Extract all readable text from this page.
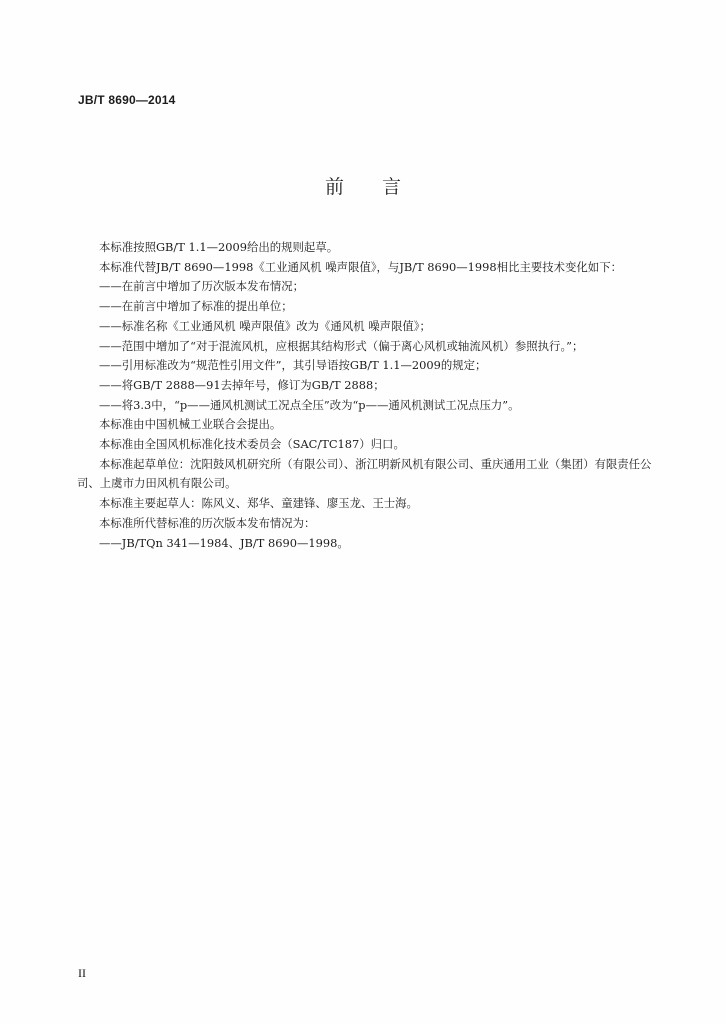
JB/T 8690—2014
前言

本标准按照GB/T 1.1—2009给出的规则起草。

本标准代替JB/T 8690—1998《工业通风机 噪声限值》，与JB/T 8690—1998相比主要技术变化如下：

——在前言中增加了历次版本发布情况；

——在前言中增加了标准的提出单位；

——标准名称《工业通风机 噪声限值》改为《通风机 噪声限值》；

——范围中增加了“对于混流风机，应根据其结构形式（偏于离心风机或轴流风机）参照执行。”；

——引用标准改为“规范性引用文件”，其引导语按GB/T 1.1—2009的规定；

——将GB/T 2888—91去掉年号，修订为GB/T 2888；

——将3.3中，“p——通风机测试工况点全压”改为“p——通风机测试工况点压力”。

本标准由中国机械工业联合会提出。

本标准由全国风机标准化技术委员会（SAC/TC187）归口。

本标准起草单位：沈阳鼓风机研究所（有限公司）、浙江明新风机有限公司、重庆通用工业（集团）有限责任公司、上虞市力田风机有限公司。

本标准主要起草人：陈风义、郑华、童建锋、廖玉龙、王士海。

本标准所代替标准的历次版本发布情况为：

——JB/TQn 341—1984、JB/T 8690—1998。

II
